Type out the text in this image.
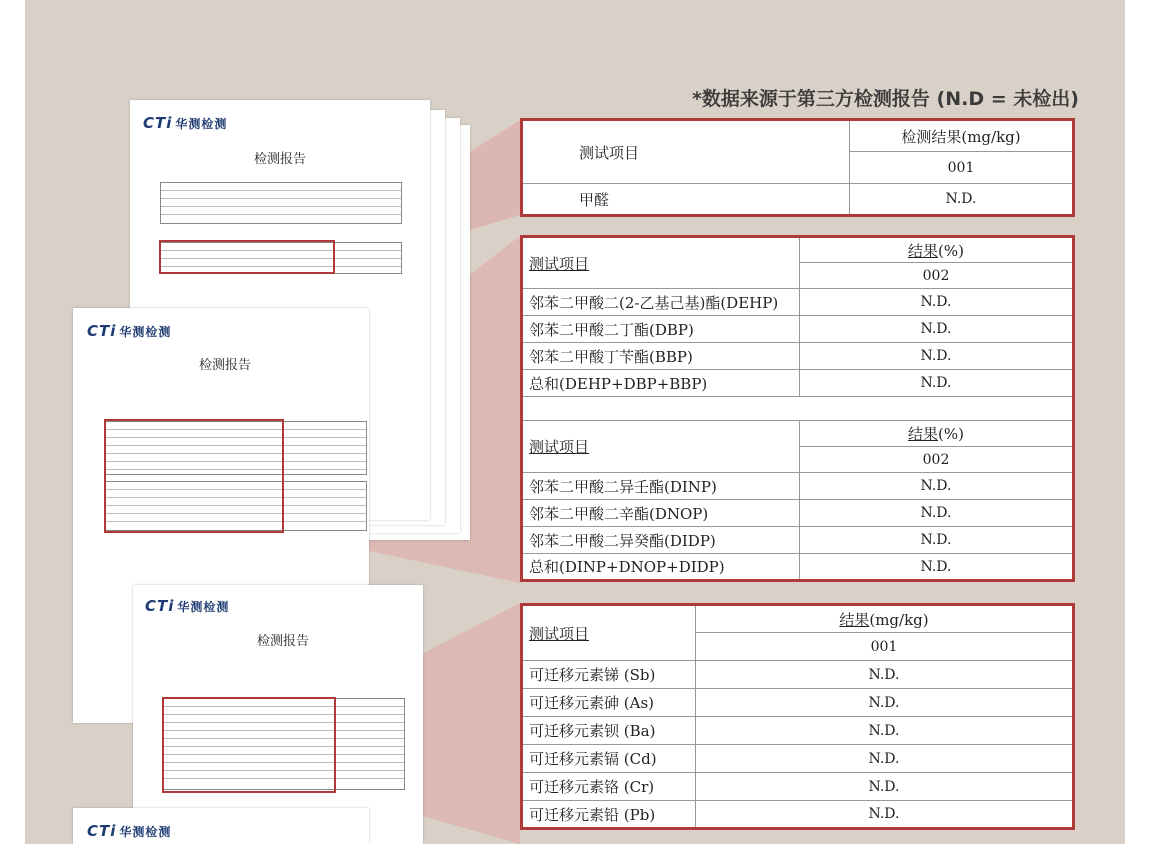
CTi 华测检测
检测报告
CTi 华测检测
检测报告
CTi 华测检测
检测报告
CTi 华测检测
*数据来源于第三方检测报告 (N.D = 未检出)
测试项目	检测结果(mg/kg)
	001
甲醛	N.D.
测试项目	结果(%)
	002
邻苯二甲酸二(2-乙基己基)酯(DEHP)	N.D.
邻苯二甲酸二丁酯(DBP)	N.D.
邻苯二甲酸丁苄酯(BBP)	N.D.
总和(DEHP+DBP+BBP)	N.D.

测试项目	结果(%)
	002
邻苯二甲酸二异壬酯(DINP)	N.D.
邻苯二甲酸二辛酯(DNOP)	N.D.
邻苯二甲酸二异癸酯(DIDP)	N.D.
总和(DINP+DNOP+DIDP)	N.D.
测试项目	结果(mg/kg)
	001
可迁移元素锑 (Sb)	N.D.
可迁移元素砷 (As)	N.D.
可迁移元素钡 (Ba)	N.D.
可迁移元素镉 (Cd)	N.D.
可迁移元素铬 (Cr)	N.D.
可迁移元素铅 (Pb)	N.D.
